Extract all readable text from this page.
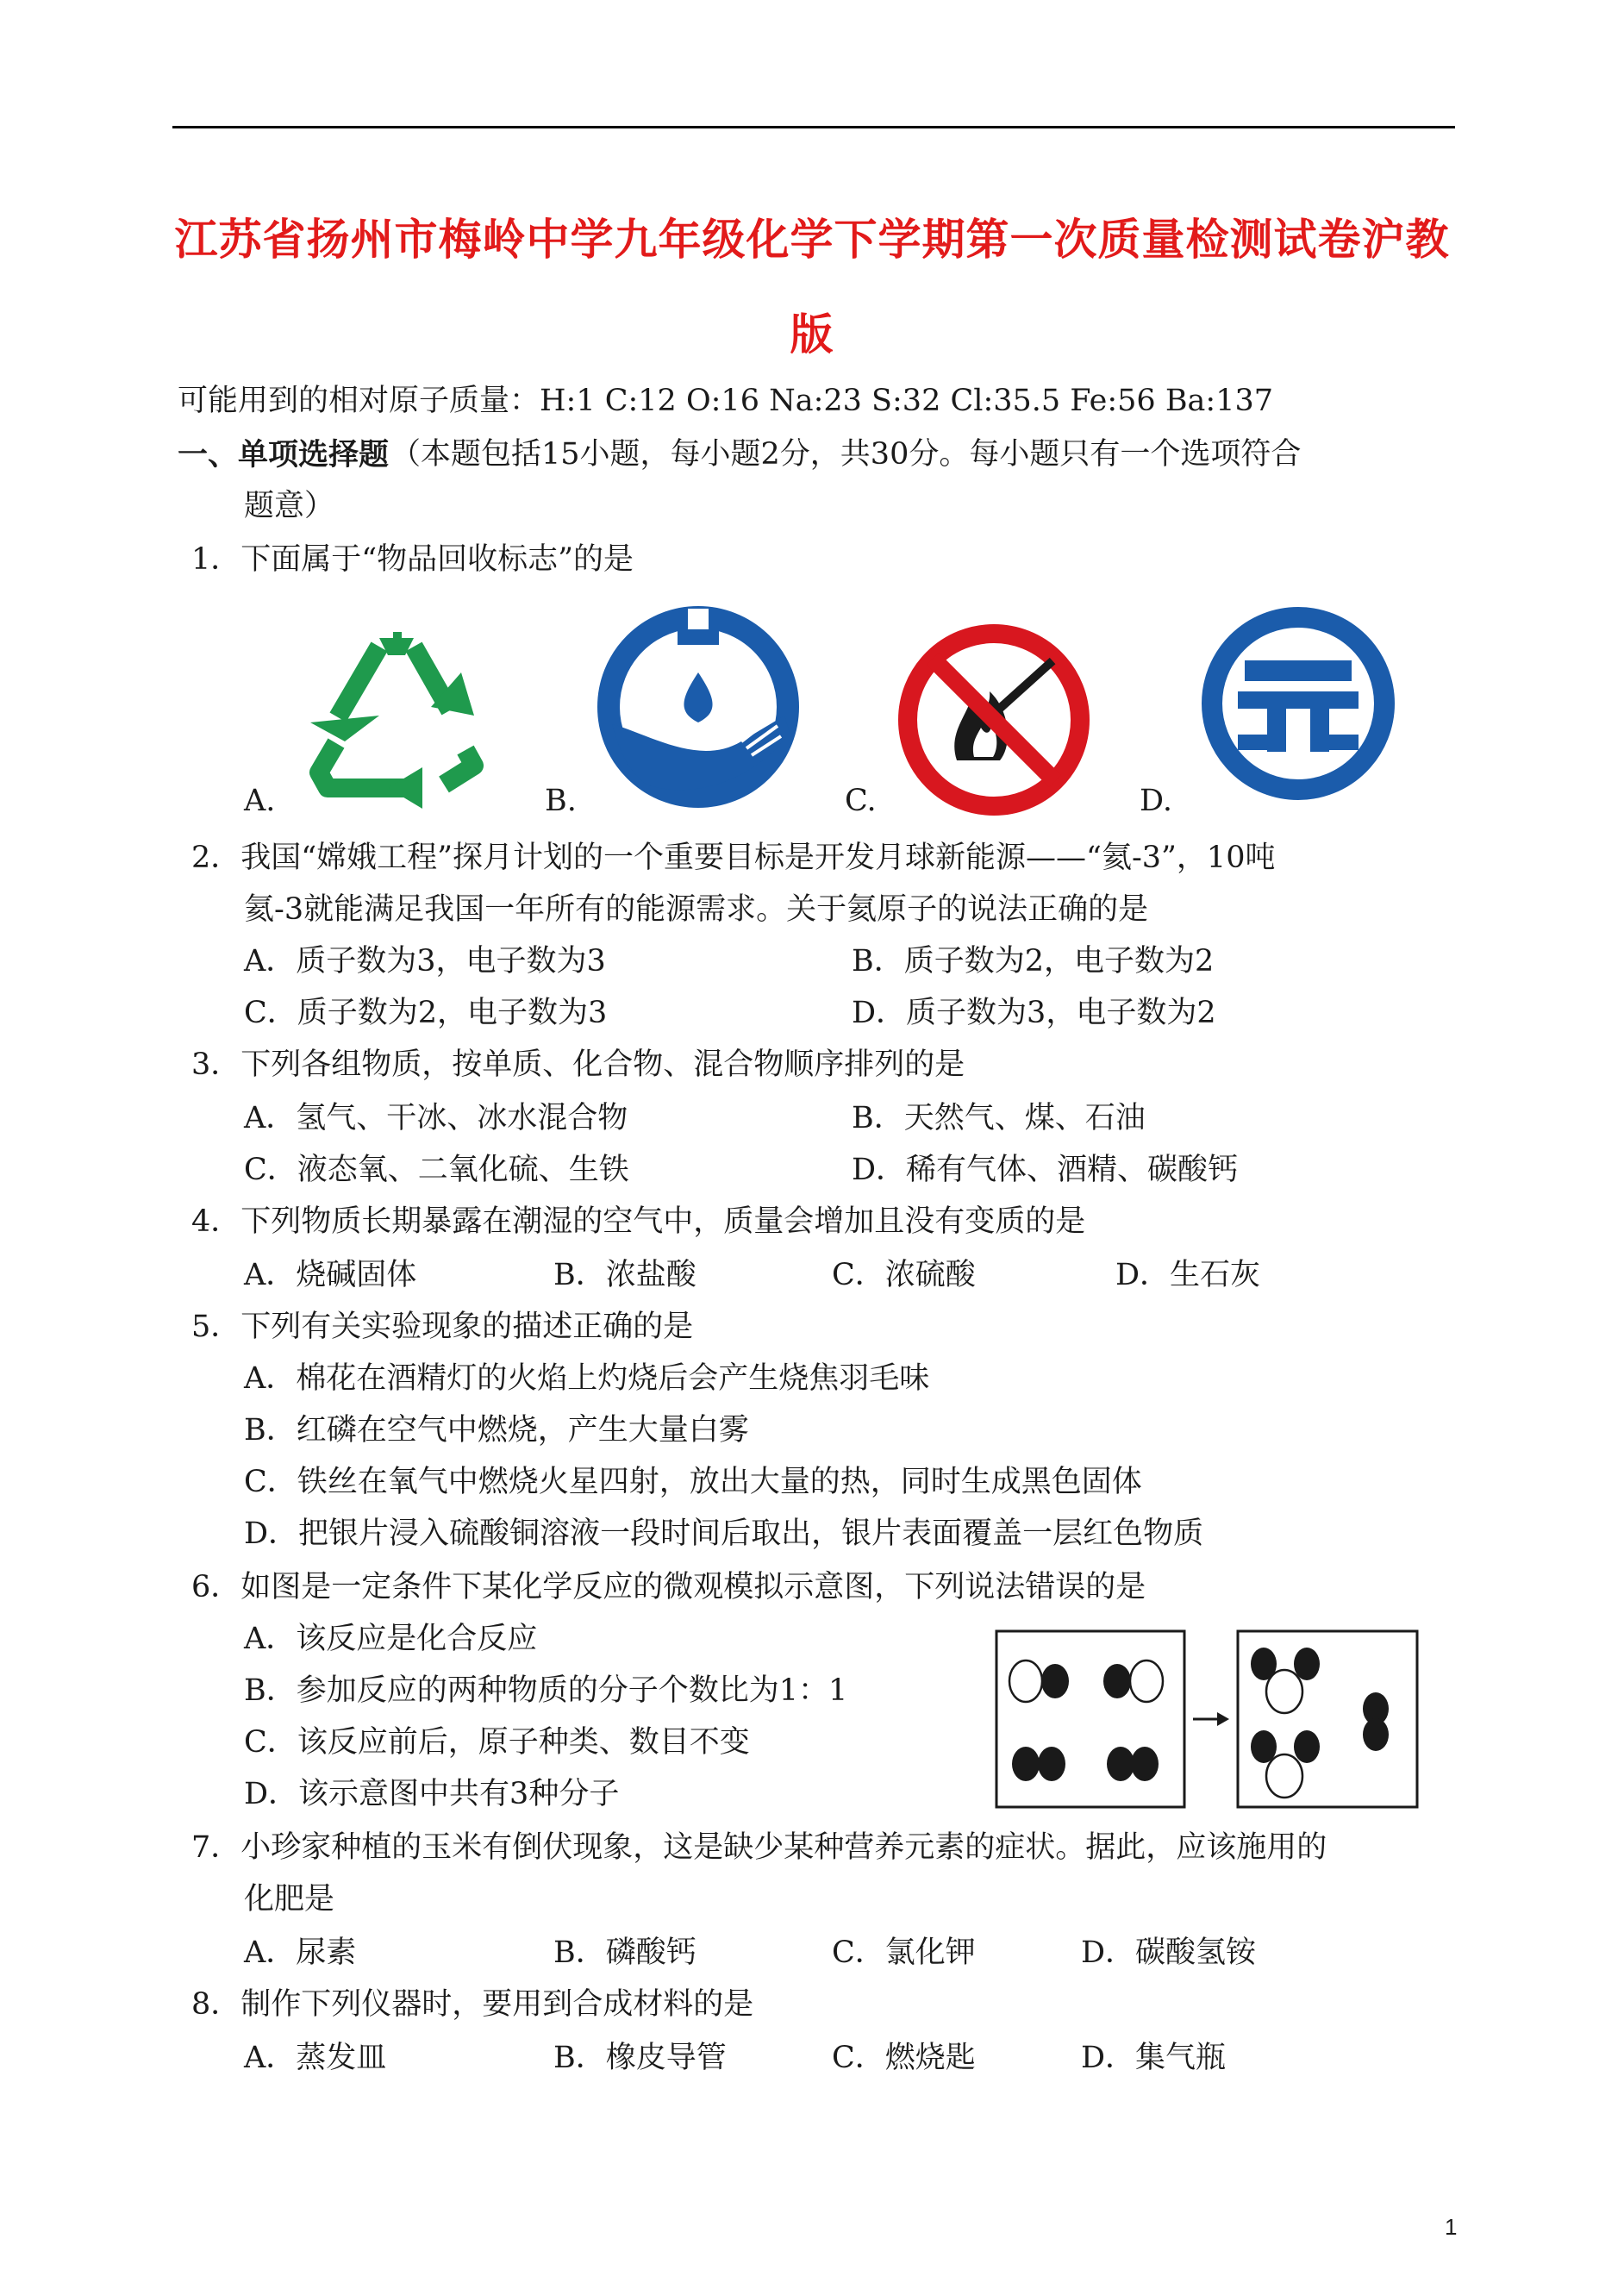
江苏省扬州市梅岭中学九年级化学下学期第一次质量检测试卷沪教
版
可能用到的相对原子质量：H:1 C:12 O:16 Na:23 S:32 Cl:35.5 Fe:56 Ba:137
一、单项选择题 （本题包括15小题，每小题2分，共30分。每小题只有一个选项符合
题意）
1．下面属于“物品回收标志”的是
A.	B.	C.	D.
2．我国“嫦娥工程”探月计划的一个重要目标是开发月球新能源——“氦-3”，10吨
氦-3就能满足我国一年所有的能源需求。关于氦原子的说法正确的是
A．质子数为3，电子数为3	B．质子数为2，电子数为2
C．质子数为2，电子数为3	D．质子数为3，电子数为2
3．下列各组物质，按单质、化合物、混合物顺序排列的是
A．氢气、干冰、冰水混合物	B．天然气、煤、石油
C．液态氧、二氧化硫、生铁	D．稀有气体、酒精、碳酸钙
4．下列物质长期暴露在潮湿的空气中，质量会增加且没有变质的是
A．烧碱固体	B．浓盐酸	C．浓硫酸	D．生石灰
5．下列有关实验现象的描述正确的是
A．棉花在酒精灯的火焰上灼烧后会产生烧焦羽毛味
B．红磷在空气中燃烧，产生大量白雾
C．铁丝在氧气中燃烧火星四射，放出大量的热，同时生成黑色固体
D．把银片浸入硫酸铜溶液一段时间后取出，银片表面覆盖一层红色物质
6．如图是一定条件下某化学反应的微观模拟示意图，下列说法错误的是
A．该反应是化合反应
B．参加反应的两种物质的分子个数比为1：1
C．该反应前后，原子种类、数目不变
D．该示意图中共有3种分子
7．小珍家种植的玉米有倒伏现象，这是缺少某种营养元素的症状。据此，应该施用的
化肥是
A．尿素	B．磷酸钙	C．氯化钾	D．碳酸氢铵
8．制作下列仪器时，要用到合成材料的是
A．蒸发皿	B．橡皮导管	C．燃烧匙	D．集气瓶
1
